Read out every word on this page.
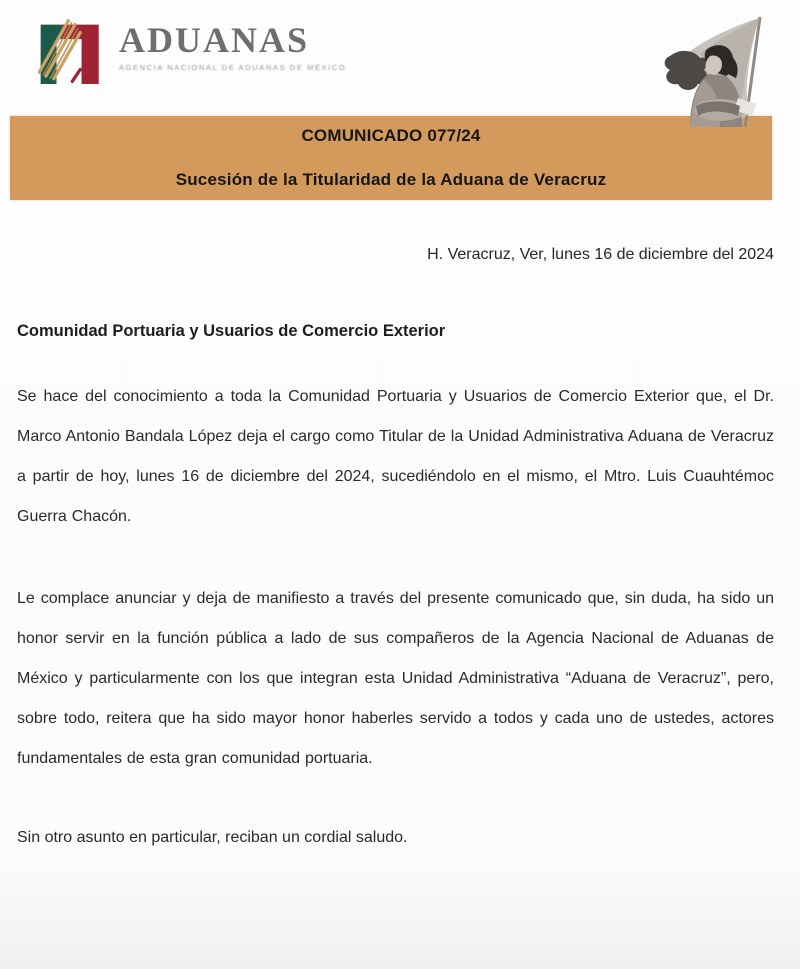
ADUANAS
AGENCIA NACIONAL DE ADUANAS DE MÉXICO
COMUNICADO 077/24
Sucesión de la Titularidad de la Aduana de Veracruz
H. Veracruz, Ver, lunes 16 de diciembre del 2024
Comunidad Portuaria y Usuarios de Comercio Exterior

Se hace del conocimiento a toda la Comunidad Portuaria y Usuarios de Comercio Exterior que, el Dr. Marco Antonio Bandala López deja el cargo como Titular de la Unidad Administrativa Aduana de Veracruz a partir de hoy, lunes 16 de diciembre del 2024, sucediéndolo en el mismo, el Mtro. Luis Cuauhtémoc Guerra Chacón.

Le complace anunciar y deja de manifiesto a través del presente comunicado que, sin duda, ha sido un honor servir en la función pública a lado de sus compañeros de la Agencia Nacional de Aduanas de México y particularmente con los que integran esta Unidad Administrativa “Aduana de Veracruz”, pero, sobre todo, reitera que ha sido mayor honor haberles servido a todos y cada uno de ustedes, actores fundamentales de esta gran comunidad portuaria.

Sin otro asunto en particular, reciban un cordial saludo.
